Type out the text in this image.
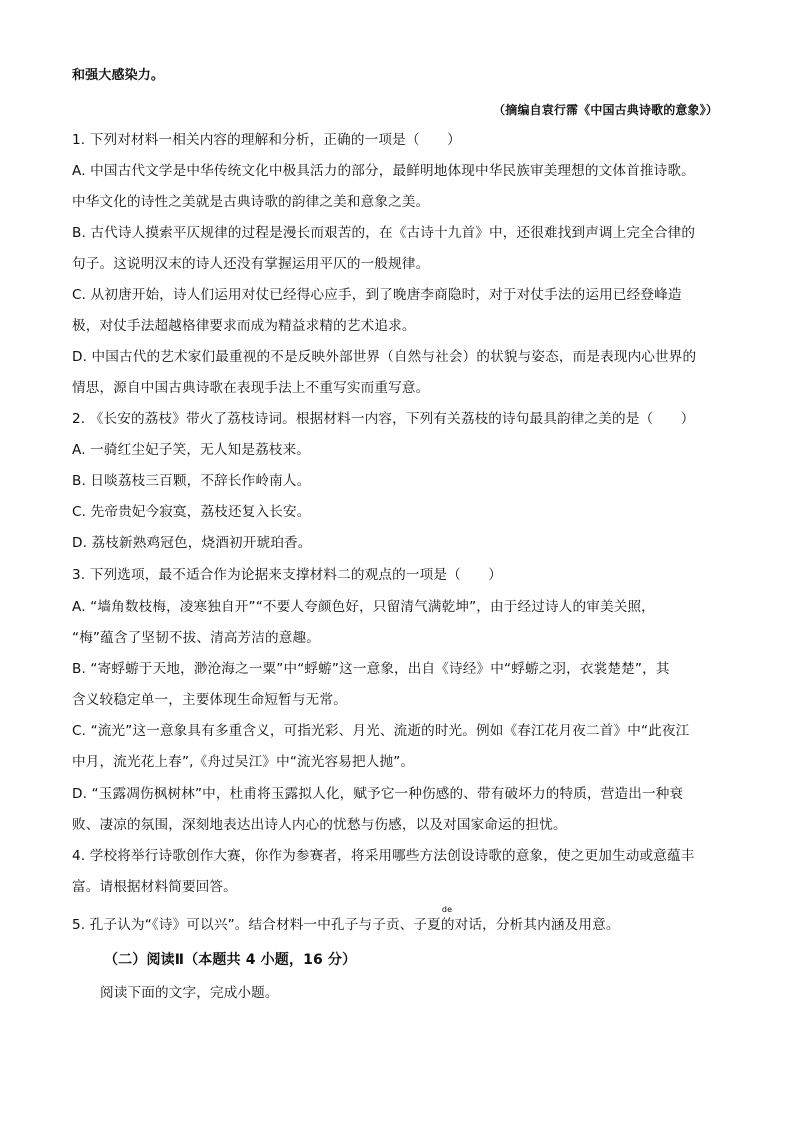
和强大感染力。
（摘编自袁行霈《中国古典诗歌的意象》）
1. 下列对材料一相关内容的理解和分析，正确的一项是（　　）
A. 中国古代文学是中华传统文化中极具活力的部分，最鲜明地体现中华民族审美理想的文体首推诗歌。
中华文化的诗性之美就是古典诗歌的韵律之美和意象之美。
B. 古代诗人摸索平仄规律的过程是漫长而艰苦的，在《古诗十九首》中，还很难找到声调上完全合律的
句子。这说明汉末的诗人还没有掌握运用平仄的一般规律。
C. 从初唐开始，诗人们运用对仗已经得心应手，到了晚唐李商隐时，对于对仗手法的运用已经登峰造
极，对仗手法超越格律要求而成为精益求精的艺术追求。
D. 中国古代的艺术家们最重视的不是反映外部世界（自然与社会）的状貌与姿态，而是表现内心世界的
情思，源自中国古典诗歌在表现手法上不重写实而重写意。
2. 《长安的荔枝》带火了荔枝诗词。根据材料一内容，下列有关荔枝的诗句最具韵律之美的是（　　）
A. 一骑红尘妃子笑，无人知是荔枝来。
B. 日啖荔枝三百颗，不辞长作岭南人。
C. 先帝贵妃今寂寞，荔枝还复入长安。
D. 荔枝新熟鸡冠色，烧酒初开琥珀香。
3. 下列选项，最不适合作为论据来支撑材料二的观点的一项是（　　）
A. “墙角数枝梅，凌寒独自开”“不要人夸颜色好，只留清气满乾坤”，由于经过诗人的审美关照，
“梅”蕴含了坚韧不拔、清高芳洁的意趣。
B. “寄蜉蝣于天地，渺沧海之一粟”中“蜉蝣”这一意象，出自《诗经》中“蜉蝣之羽，衣裳楚楚”，其
含义较稳定单一，主要体现生命短暂与无常。
C. “流光”这一意象具有多重含义，可指光彩、月光、流逝的时光。例如《春江花月夜二首》中“此夜江
中月，流光花上春”,《舟过吴江》中“流光容易把人抛”。
D. “玉露凋伤枫树林”中，杜甫将玉露拟人化，赋予它一种伤感的、带有破坏力的特质，营造出一种衰
败、凄凉的氛围，深刻地表达出诗人内心的忧愁与伤感，以及对国家命运的担忧。
4. 学校将举行诗歌创作大赛，你作为参赛者，将采用哪些方法创设诗歌的意象，使之更加生动或意蕴丰
富。请根据材料简要回答。
5. 孔子认为“《诗》可以兴”。结合材料一中孔子与子贡、子夏
de
的对话，分析其内涵及用意。
（二）阅读Ⅱ（本题共 4 小题，16 分）
阅读下面的文字，完成小题。
